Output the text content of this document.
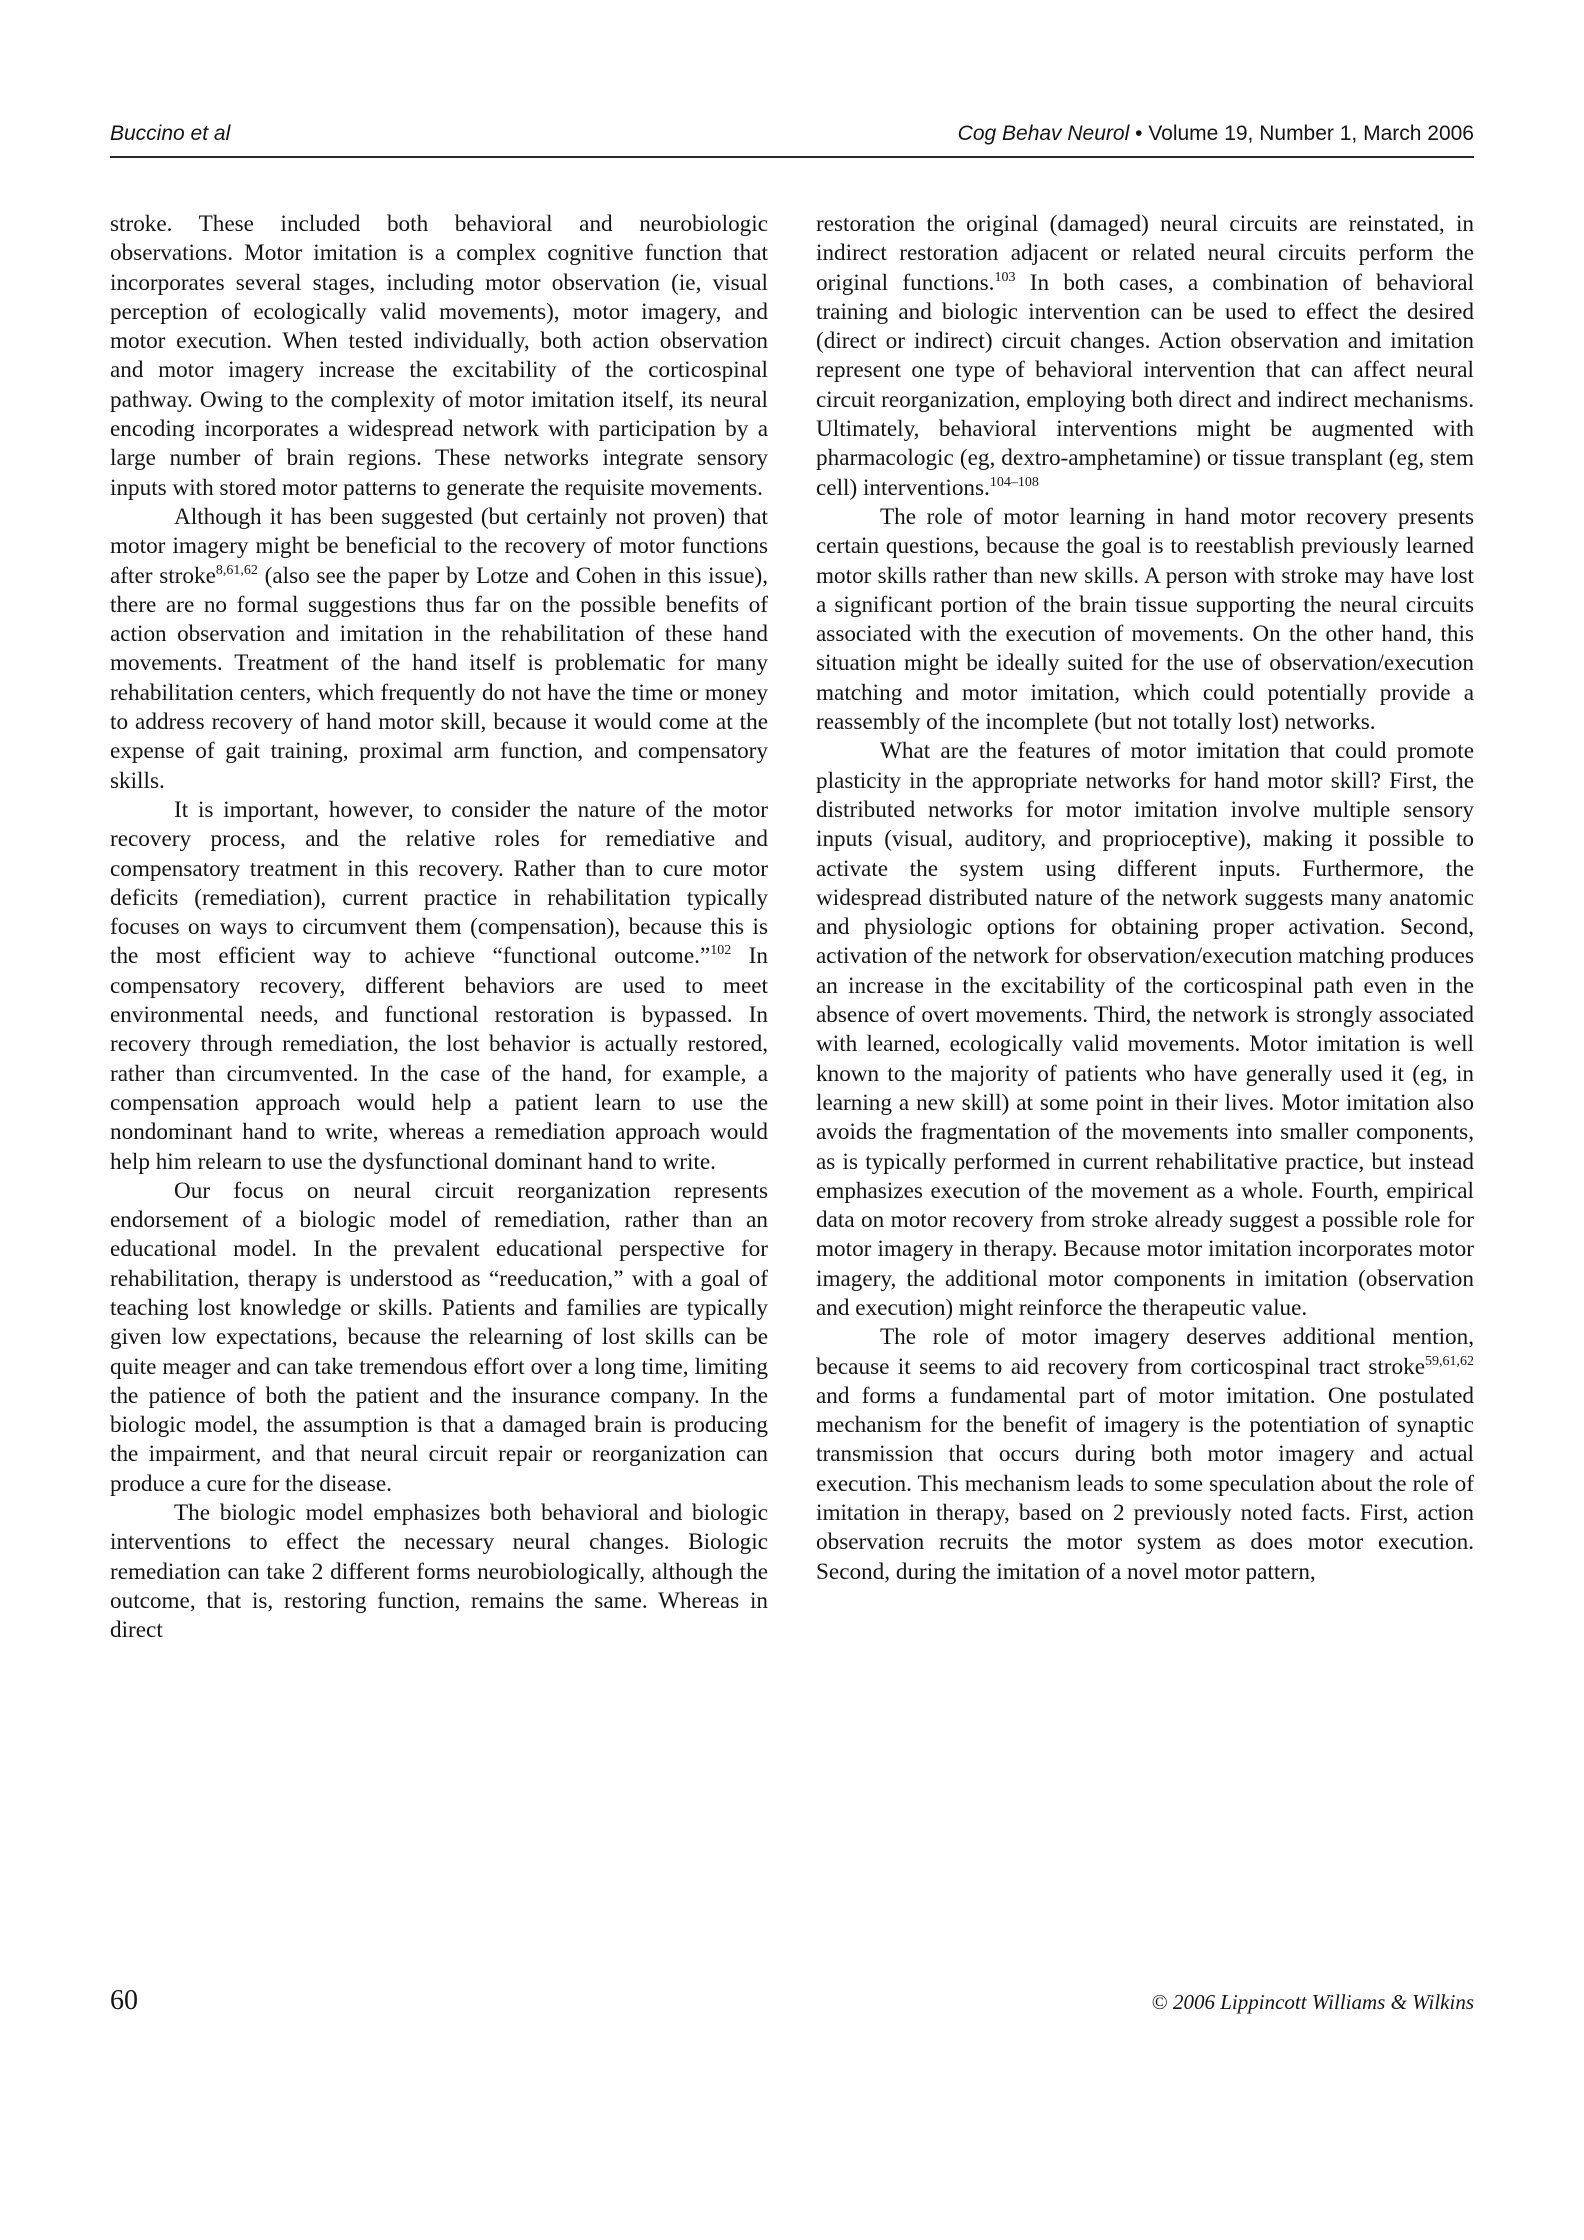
Buccino et al	Cog Behav Neurol • Volume 19, Number 1, March 2006

stroke. These included both behavioral and neurobiologic observations. Motor imitation is a complex cognitive function that incorporates several stages, including motor observation (ie, visual perception of ecologically valid movements), motor imagery, and motor execution. When tested individually, both action observation and motor imagery increase the excitability of the corticospinal pathway. Owing to the complexity of motor imitation itself, its neural encoding incorporates a widespread network with participation by a large number of brain regions. These networks integrate sensory inputs with stored motor patterns to generate the requisite movements.

Although it has been suggested (but certainly not proven) that motor imagery might be beneficial to the recovery of motor functions after stroke$^{8,61,62}$ (also see the paper by Lotze and Cohen in this issue), there are no formal suggestions thus far on the possible benefits of action observation and imitation in the rehabilitation of these hand movements. Treatment of the hand itself is problematic for many rehabilitation centers, which frequently do not have the time or money to address recovery of hand motor skill, because it would come at the expense of gait training, proximal arm function, and compensatory skills.

It is important, however, to consider the nature of the motor recovery process, and the relative roles for remediative and compensatory treatment in this recovery. Rather than to cure motor deficits (remediation), current practice in rehabilitation typically focuses on ways to circumvent them (compensation), because this is the most efficient way to achieve “functional outcome.”$^{102}$ In compensatory recovery, different behaviors are used to meet environmental needs, and functional restoration is bypassed. In recovery through remediation, the lost behavior is actually restored, rather than circumvented. In the case of the hand, for example, a compensation approach would help a patient learn to use the nondominant hand to write, whereas a remediation approach would help him relearn to use the dysfunctional dominant hand to write.

Our focus on neural circuit reorganization represents endorsement of a biologic model of remediation, rather than an educational model. In the prevalent educational perspective for rehabilitation, therapy is understood as “reeducation,” with a goal of teaching lost knowledge or skills. Patients and families are typically given low expectations, because the relearning of lost skills can be quite meager and can take tremendous effort over a long time, limiting the patience of both the patient and the insurance company. In the biologic model, the assumption is that a damaged brain is producing the impairment, and that neural circuit repair or reorganization can produce a cure for the disease.

The biologic model emphasizes both behavioral and biologic interventions to effect the necessary neural changes. Biologic remediation can take 2 different forms neurobiologically, although the outcome, that is, restoring function, remains the same. Whereas in direct

restoration the original (damaged) neural circuits are reinstated, in indirect restoration adjacent or related neural circuits perform the original functions.$^{103}$ In both cases, a combination of behavioral training and biologic intervention can be used to effect the desired (direct or indirect) circuit changes. Action observation and imitation represent one type of behavioral intervention that can affect neural circuit reorganization, employing both direct and indirect mechanisms. Ultimately, behavioral interventions might be augmented with pharmacologic (eg, dextro-amphetamine) or tissue transplant (eg, stem cell) interventions.$^{104-108}$

The role of motor learning in hand motor recovery presents certain questions, because the goal is to reestablish previously learned motor skills rather than new skills. A person with stroke may have lost a significant portion of the brain tissue supporting the neural circuits associated with the execution of movements. On the other hand, this situation might be ideally suited for the use of observation/execution matching and motor imitation, which could potentially provide a reassembly of the incomplete (but not totally lost) networks.

What are the features of motor imitation that could promote plasticity in the appropriate networks for hand motor skill? First, the distributed networks for motor imitation involve multiple sensory inputs (visual, auditory, and proprioceptive), making it possible to activate the system using different inputs. Furthermore, the widespread distributed nature of the network suggests many anatomic and physiologic options for obtaining proper activation. Second, activation of the network for observation/execution matching produces an increase in the excitability of the corticospinal path even in the absence of overt movements. Third, the network is strongly associated with learned, ecologically valid movements. Motor imitation is well known to the majority of patients who have generally used it (eg, in learning a new skill) at some point in their lives. Motor imitation also avoids the fragmentation of the movements into smaller components, as is typically performed in current rehabilitative practice, but instead emphasizes execution of the movement as a whole. Fourth, empirical data on motor recovery from stroke already suggest a possible role for motor imagery in therapy. Because motor imitation incorporates motor imagery, the additional motor components in imitation (observation and execution) might reinforce the therapeutic value.

The role of motor imagery deserves additional mention, because it seems to aid recovery from corticospinal tract stroke$^{59,61,62}$ and forms a fundamental part of motor imitation. One postulated mechanism for the benefit of imagery is the potentiation of synaptic transmission that occurs during both motor imagery and actual execution. This mechanism leads to some speculation about the role of imitation in therapy, based on 2 previously noted facts. First, action observation recruits the motor system as does motor execution. Second, during the imitation of a novel motor pattern,

60	© 2006 Lippincott Williams & Wilkins
